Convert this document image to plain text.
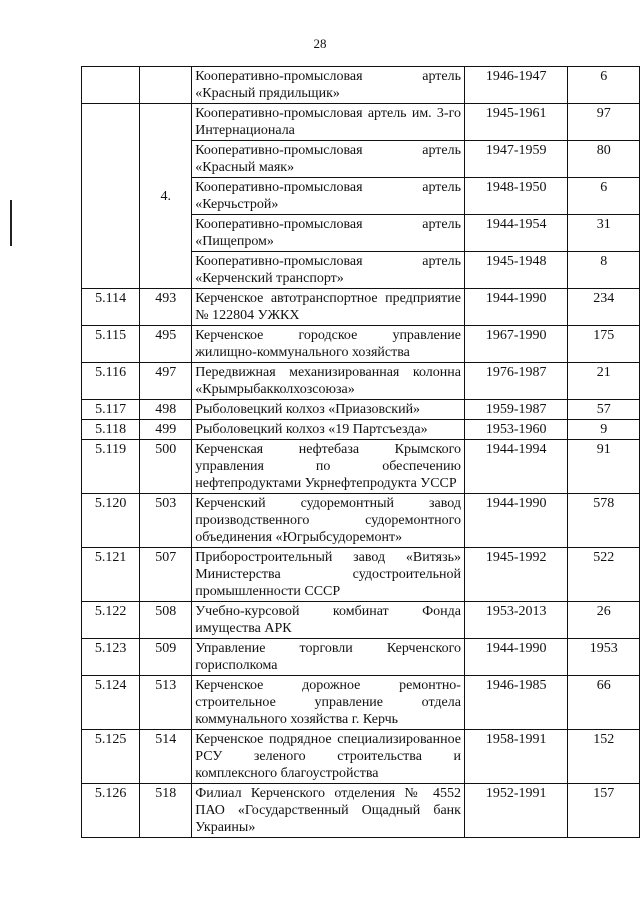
28
		Кооперативно-промысловая артель «Красный прядильщик»	1946-1947	6
	4.	Кооперативно-промысловая артель им. 3-го Интернационала	1945-1961	97
		Кооперативно-промысловая артель «Красный маяк»	1947-1959	80
		Кооперативно-промысловая артель «Керчьстрой»	1948-1950	6
		Кооперативно-промысловая артель «Пищепром»	1944-1954	31
		Кооперативно-промысловая артель «Керченский транспорт»	1945-1948	8
5.114	493	Керченское автотранспортное предприятие № 122804 УЖКХ	1944-1990	234
5.115	495	Керченское городское управление жилищно-коммунального хозяйства	1967-1990	175
5.116	497	Передвижная механизированная колонна «Крымрыбакколхозсоюза»	1976-1987	21
5.117	498	Рыболовецкий колхоз «Приазовский»	1959-1987	57
5.118	499	Рыболовецкий колхоз «19 Партсъезда»	1953-1960	9
5.119	500	Керченская нефтебаза Крымского управления по обеспечению нефтепродуктами Укрнефтепродукта УССР	1944-1994	91
5.120	503	Керченский судоремонтный завод производственного судоремонтного объединения «Югрыбсудоремонт»	1944-1990	578
5.121	507	Приборостроительный завод «Витязь» Министерства судостроительной промышленности СССР	1945-1992	522
5.122	508	Учебно-курсовой комбинат Фонда имущества АРК	1953-2013	26
5.123	509	Управление торговли Керченского горисполкома	1944-1990	1953
5.124	513	Керченское дорожное ремонтно-строительное управление отдела коммунального хозяйства г. Керчь	1946-1985	66
5.125	514	Керченское подрядное специализированное РСУ зеленого строительства и комплексного благоустройства	1958-1991	152
5.126	518	Филиал Керченского отделения № 4552 ПАО «Государственный Ощадный банк Украины»	1952-1991	157
